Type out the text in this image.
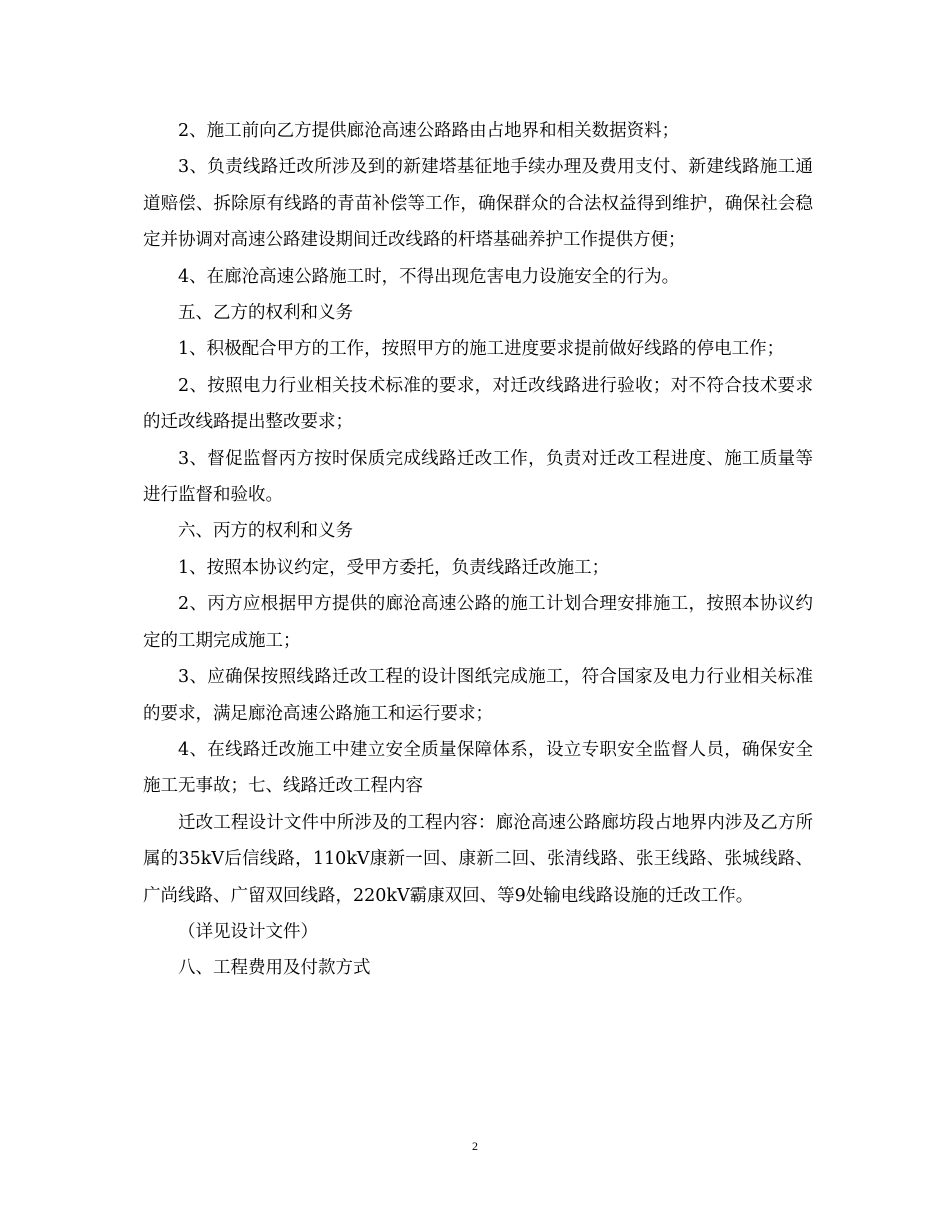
2、施工前向乙方提供廊沧高速公路路由占地界和相关数据资料；

3、负责线路迁改所涉及到的新建塔基征地手续办理及费用支付、新建线路施工通道赔偿、拆除原有线路的青苗补偿等工作，确保群众的合法权益得到维护，确保社会稳定并协调对高速公路建设期间迁改线路的杆塔基础养护工作提供方便；

4、在廊沧高速公路施工时，不得出现危害电力设施安全的行为。

五、乙方的权利和义务

1、积极配合甲方的工作，按照甲方的施工进度要求提前做好线路的停电工作；

2、按照电力行业相关技术标准的要求，对迁改线路进行验收；对不符合技术要求的迁改线路提出整改要求；

3、督促监督丙方按时保质完成线路迁改工作，负责对迁改工程进度、施工质量等进行监督和验收。

六、丙方的权利和义务

1、按照本协议约定，受甲方委托，负责线路迁改施工；

2、丙方应根据甲方提供的廊沧高速公路的施工计划合理安排施工，按照本协议约定的工期完成施工；

3、应确保按照线路迁改工程的设计图纸完成施工，符合国家及电力行业相关标准的要求，满足廊沧高速公路施工和运行要求；

4、在线路迁改施工中建立安全质量保障体系，设立专职安全监督人员，确保安全施工无事故；七、线路迁改工程内容

迁改工程设计文件中所涉及的工程内容：廊沧高速公路廊坊段占地界内涉及乙方所属的35kV后信线路，110kV康新一回、康新二回、张清线路、张王线路、张城线路、广尚线路、广留双回线路，220kV霸康双回、等9处输电线路设施的迁改工作。

（详见设计文件）

八、工程费用及付款方式

2
